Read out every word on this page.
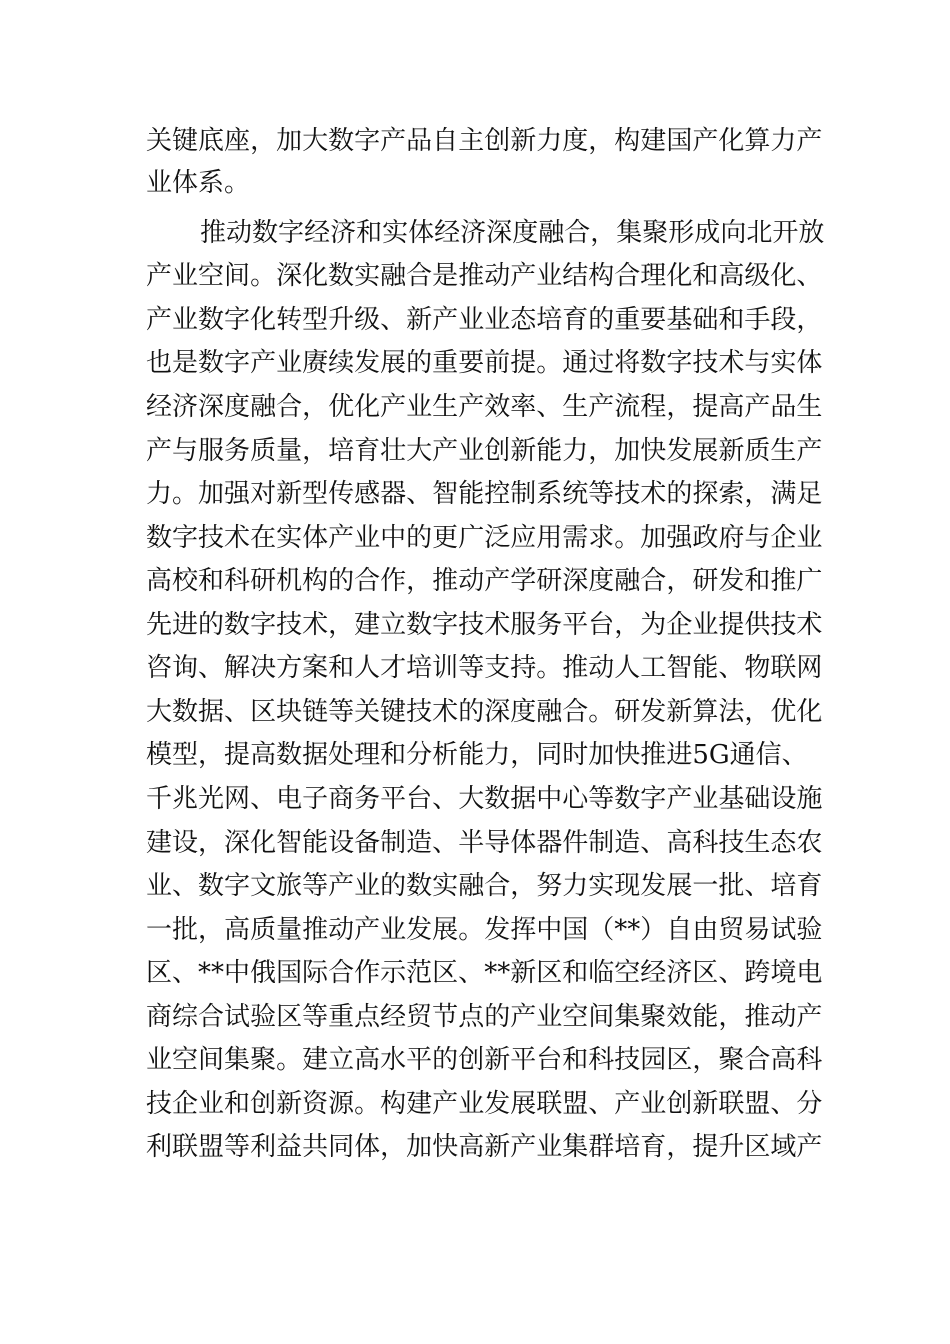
关 键 底 座 ， 加 大 数 字 产 品 自 主 创 新 力 度 ， 构 建 国 产 化 算 力 产
业体系。
推 动 数 字 经 济 和 实 体 经 济 深 度 融 合 ， 集 聚 形 成 向 北 开 放
产 业 空 间 。 深 化 数 实 融 合 是 推 动 产 业 结 构 合 理 化 和 高 级 化 、
产 业 数 字 化 转 型 升 级 、 新 产 业 业 态 培 育 的 重 要 基 础 和 手 段 ，
也 是 数 字 产 业 赓 续 发 展 的 重 要 前 提 。 通 过 将 数 字 技 术 与 实 体
经 济 深 度 融 合 ， 优 化 产 业 生 产 效 率 、 生 产 流 程 ， 提 高 产 品 生
产 与 服 务 质 量 ， 培 育 壮 大 产 业 创 新 能 力 ， 加 快 发 展 新 质 生 产
力 。 加 强 对 新 型 传 感 器 、 智 能 控 制 系 统 等 技 术 的 探 索 ， 满 足
数 字 技 术 在 实 体 产 业 中 的 更 广 泛 应 用 需 求 。 加 强 政 府 与 企 业
高 校 和 科 研 机 构 的 合 作 ， 推 动 产 学 研 深 度 融 合 ， 研 发 和 推 广
先 进 的 数 字 技 术 ， 建 立 数 字 技 术 服 务 平 台 ， 为 企 业 提 供 技 术
咨 询 、 解 决 方 案 和 人 才 培 训 等 支 持 。 推 动 人 工 智 能 、 物 联 网
大 数 据 、 区 块 链 等 关 键 技 术 的 深 度 融 合 。 研 发 新 算 法 ， 优 化
模 型 ， 提 高 数 据 处 理 和 分 析 能 力 ， 同 时 加 快 推 进 5G 通 信 、
千 兆 光 网 、 电 子 商 务 平 台 、 大 数 据 中 心 等 数 字 产 业 基 础 设 施
建 设 ， 深 化 智 能 设 备 制 造 、 半 导 体 器 件 制 造 、 高 科 技 生 态 农
业 、 数 字 文 旅 等 产 业 的 数 实 融 合 ， 努 力 实 现 发 展 一 批 、 培 育
一 批 ， 高 质 量 推 动 产 业 发 展 。 发 挥 中 国 （ ** ） 自 由 贸 易 试 验
区 、 ** 中 俄 国 际 合 作 示 范 区 、 ** 新 区 和 临 空 经 济 区 、 跨 境 电
商 综 合 试 验 区 等 重 点 经 贸 节 点 的 产 业 空 间 集 聚 效 能 ， 推 动 产
业 空 间 集 聚 。 建 立 高 水 平 的 创 新 平 台 和 科 技 园 区 ， 聚 合 高 科
技 企 业 和 创 新 资 源 。 构 建 产 业 发 展 联 盟 、 产 业 创 新 联 盟 、 分
利 联 盟 等 利 益 共 同 体 ， 加 快 高 新 产 业 集 群 培 育 ， 提 升 区 域 产
